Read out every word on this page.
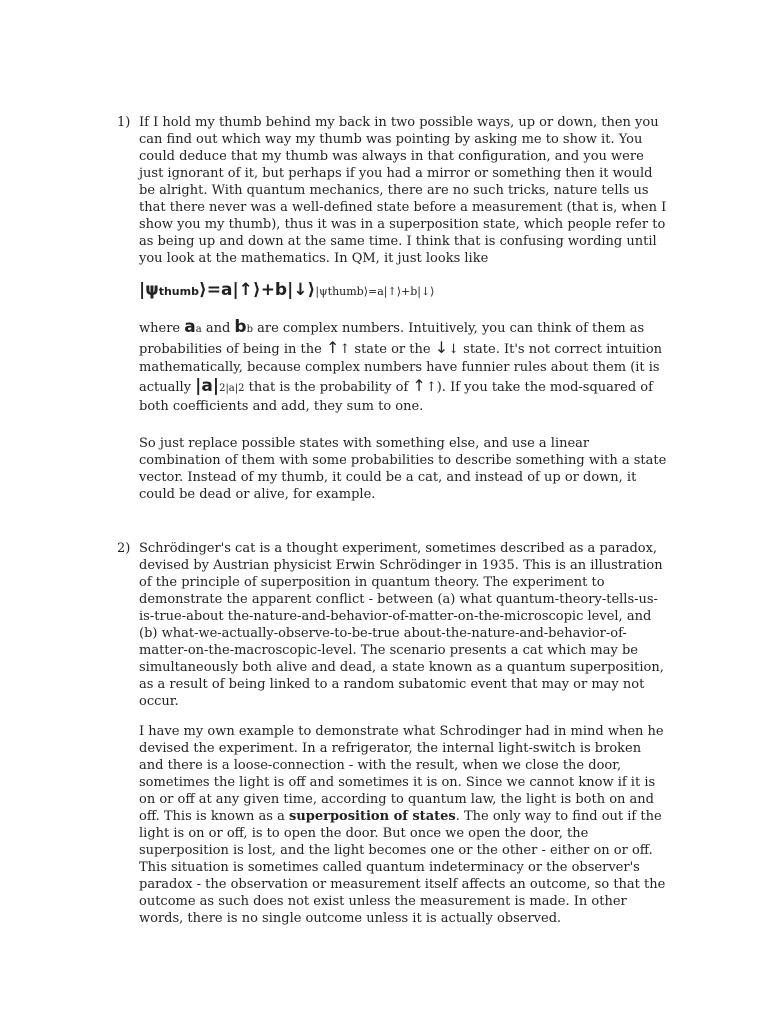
1) If I hold my thumb behind my back in two possible ways, up or down, then you can find out which way my thumb was pointing by asking me to show it. You could deduce that my thumb was always in that configuration, and you were just ignorant of it, but perhaps if you had a mirror or something then it would be alright. With quantum mechanics, there are no such tricks, nature tells us that there never was a well-defined state before a measurement (that is, when I show you my thumb), thus it was in a superposition state, which people refer to as being up and down at the same time. I think that is confusing wording until you look at the mathematics. In QM, it just looks like
|ψthumb⟩=a|↑⟩+b|↓⟩|ψthumb⟩=a|↑⟩+b|↓⟩
where aa and bb are complex numbers. Intuitively, you can think of them as probabilities of being in the ↑↑ state or the ↓↓ state. It's not correct intuition mathematically, because complex numbers have funnier rules about them (it is actually |a|2|a|2 that is the probability of ↑↑). If you take the mod-squared of both coefficients and add, they sum to one.
So just replace possible states with something else, and use a linear combination of them with some probabilities to describe something with a state vector. Instead of my thumb, it could be a cat, and instead of up or down, it could be dead or alive, for example.
2) Schrödinger's cat is a thought experiment, sometimes described as a paradox, devised by Austrian physicist Erwin Schrödinger in 1935. This is an illustration of the principle of superposition in quantum theory. The experiment to demonstrate the apparent conflict - between (a) what quantum-theory-tells-us-is-true-about the-nature-and-behavior-of-matter-on-the-microscopic level, and (b) what-we-actually-observe-to-be-true about-the-nature-and-behavior-of-matter-on-the-macroscopic-level. The scenario presents a cat which may be simultaneously both alive and dead, a state known as a quantum superposition, as a result of being linked to a random subatomic event that may or may not occur.
I have my own example to demonstrate what Schrodinger had in mind when he devised the experiment. In a refrigerator, the internal light-switch is broken and there is a loose-connection - with the result, when we close the door, sometimes the light is off and sometimes it is on. Since we cannot know if it is on or off at any given time, according to quantum law, the light is both on and off. This is known as a superposition of states. The only way to find out if the light is on or off, is to open the door. But once we open the door, the superposition is lost, and the light becomes one or the other - either on or off. This situation is sometimes called quantum indeterminacy or the observer's paradox - the observation or measurement itself affects an outcome, so that the outcome as such does not exist unless the measurement is made. In other words, there is no single outcome unless it is actually observed.
